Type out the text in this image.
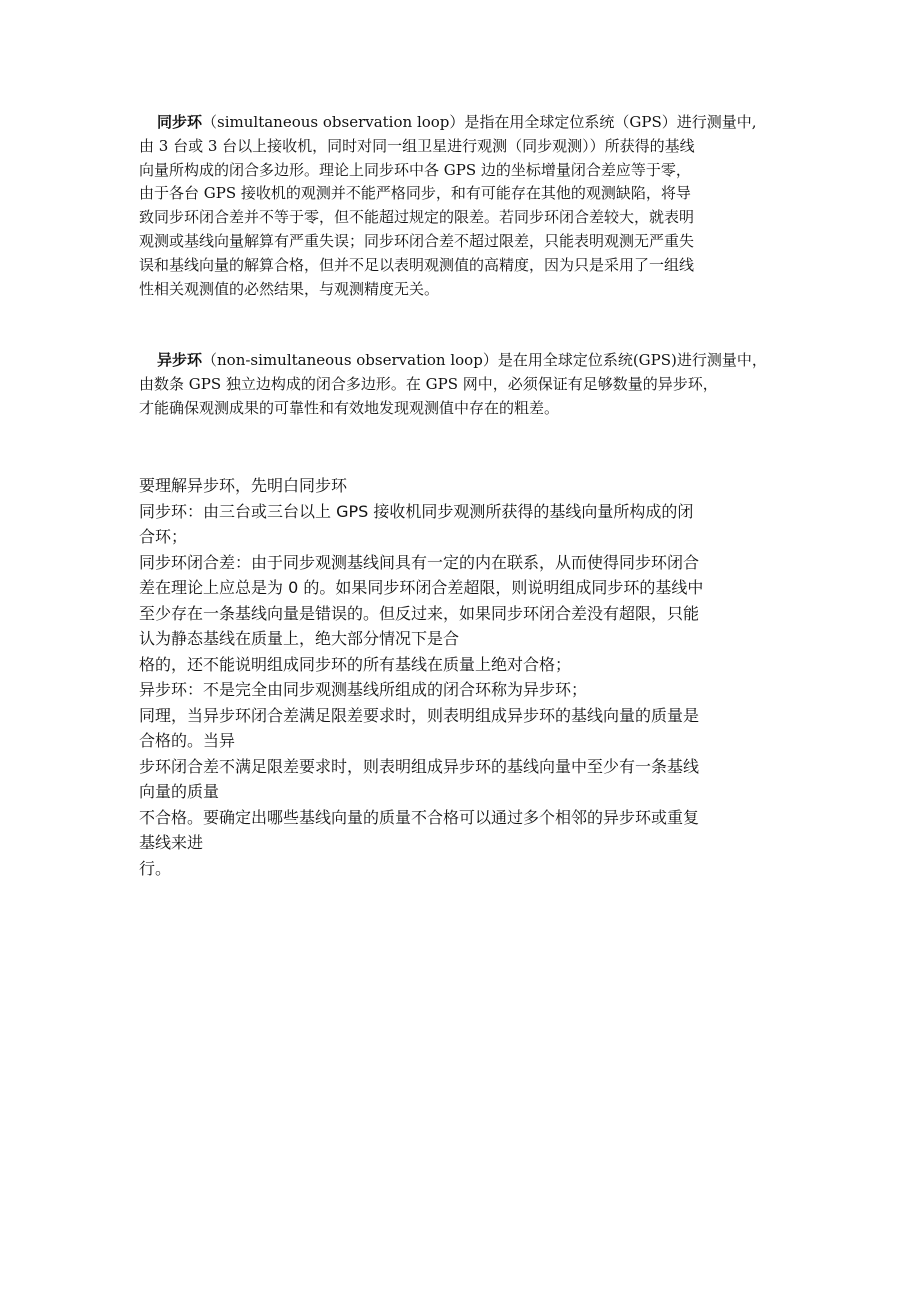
同步环（simultaneous observation loop）是指在用全球定位系统（GPS）进行测量中,
由 3 台或 3 台以上接收机，同时对同一组卫星进行观测（同步观测））所获得的基线
向量所构成的闭合多边形。理论上同步环中各 GPS 边的坐标增量闭合差应等于零，
由于各台 GPS 接收机的观测并不能严格同步，和有可能存在其他的观测缺陷，将导
致同步环闭合差并不等于零，但不能超过规定的限差。若同步环闭合差较大，就表明
观测或基线向量解算有严重失误；同步环闭合差不超过限差，只能表明观测无严重失
误和基线向量的解算合格，但并不足以表明观测值的高精度，因为只是采用了一组线
性相关观测值的必然结果，与观测精度无关。
异步环（non-simultaneous observation loop）是在用全球定位系统(GPS)进行测量中，
由数条 GPS 独立边构成的闭合多边形。在 GPS 网中，必须保证有足够数量的异步环，
才能确保观测成果的可靠性和有效地发现观测值中存在的粗差。
要理解异步环，先明白同步环
同步环：由三台或三台以上 GPS 接收机同步观测所获得的基线向量所构成的闭
合环；
同步环闭合差：由于同步观测基线间具有一定的内在联系，从而使得同步环闭合
差在理论上应总是为 0 的。如果同步环闭合差超限，则说明组成同步环的基线中
至少存在一条基线向量是错误的。但反过来，如果同步环闭合差没有超限，只能
认为静态基线在质量上，绝大部分情况下是合
格的，还不能说明组成同步环的所有基线在质量上绝对合格；
异步环：不是完全由同步观测基线所组成的闭合环称为异步环；
同理，当异步环闭合差满足限差要求时，则表明组成异步环的基线向量的质量是
合格的。当异
步环闭合差不满足限差要求时，则表明组成异步环的基线向量中至少有一条基线
向量的质量
不合格。要确定出哪些基线向量的质量不合格可以通过多个相邻的异步环或重复
基线来进
行。
